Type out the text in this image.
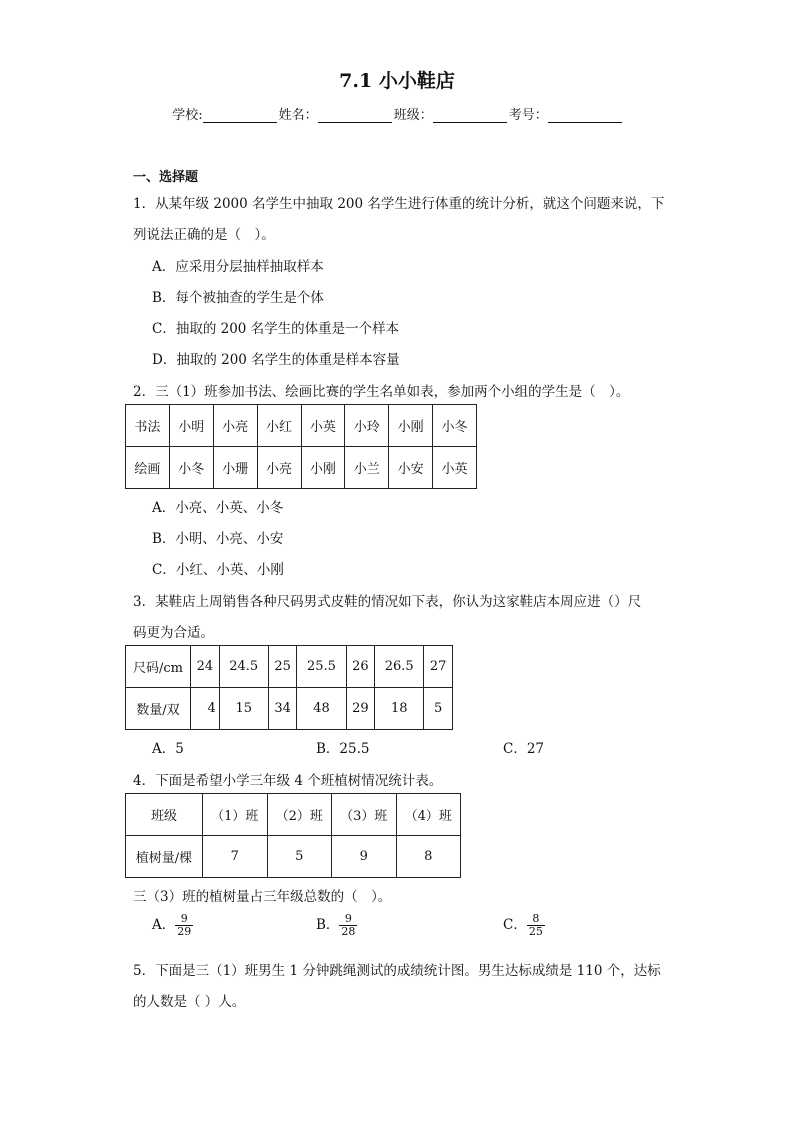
7.1 小小鞋店
学校:	姓名：	班级：	考号：
一、选择题
1．从某年级 2000 名学生中抽取 200 名学生进行体重的统计分析，就这个问题来说，下
列说法正确的是（　）。
A．应采用分层抽样抽取样本
B．每个被抽查的学生是个体
C．抽取的 200 名学生的体重是一个样本
D．抽取的 200 名学生的体重是样本容量
2．三（1）班参加书法、绘画比赛的学生名单如表，参加两个小组的学生是（　）。
书法	小明	小亮	小红	小英	小玲	小刚	小冬
绘画	小冬	小珊	小亮	小刚	小兰	小安	小英
A．小亮、小英、小冬
B．小明、小亮、小安
C．小红、小英、小刚
3．某鞋店上周销售各种尺码男式皮鞋的情况如下表，你认为这家鞋店本周应进（）尺
码更为合适。
尺码/cm	24	24.5	25	25.5	26	26.5	27
数量/双	4	15	34	48	29	18	5
A．5	B．25.5	C．27
4．下面是希望小学三年级 4 个班植树情况统计表。
班级	（1）班	（2）班	（3）班	（4）班
植树量/棵	7	5	9	8
三（3）班的植树量占三年级总数的（　）。
A． $\frac{9}{29}$	B． $\frac{9}{28}$	C． $\frac{8}{25}$
5．下面是三（1）班男生 1 分钟跳绳测试的成绩统计图。男生达标成绩是 110 个，达标
的人数是（ ）人。
